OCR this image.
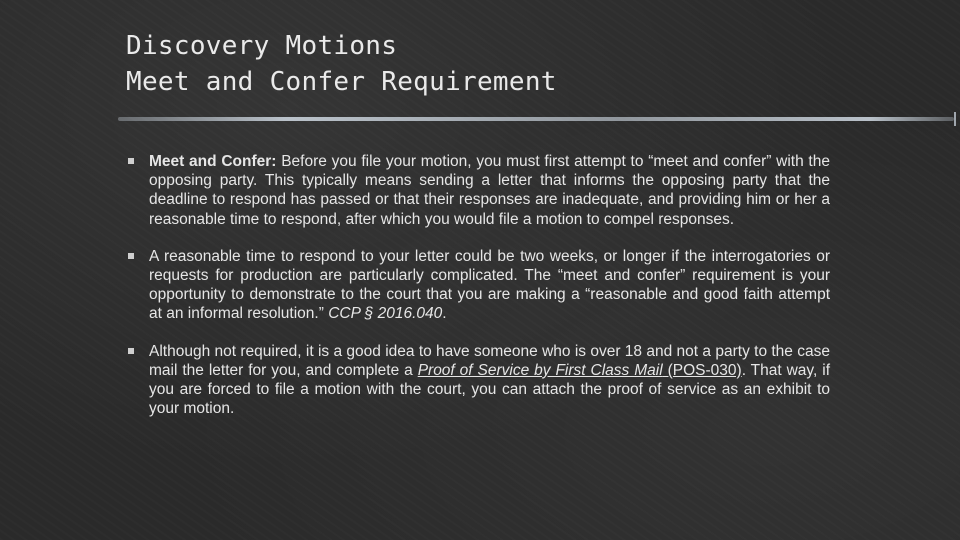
Discovery Motions
Meet and Confer Requirement
Meet and Confer: Before you file your motion, you must first attempt to “meet and confer” with the opposing party. This typically means sending a letter that informs the opposing party that the deadline to respond has passed or that their responses are inadequate, and providing him or her a reasonable time to respond, after which you would file a motion to compel responses.
A reasonable time to respond to your letter could be two weeks, or longer if the interrogatories or requests for production are particularly complicated. The “meet and confer” requirement is your opportunity to demonstrate to the court that you are making a “reasonable and good faith attempt at an informal resolution.” CCP § 2016.040.
Although not required, it is a good idea to have someone who is over 18 and not a party to the case mail the letter for you, and complete a Proof of Service by First Class Mail (POS-030). That way, if you are forced to file a motion with the court, you can attach the proof of service as an exhibit to your motion.
